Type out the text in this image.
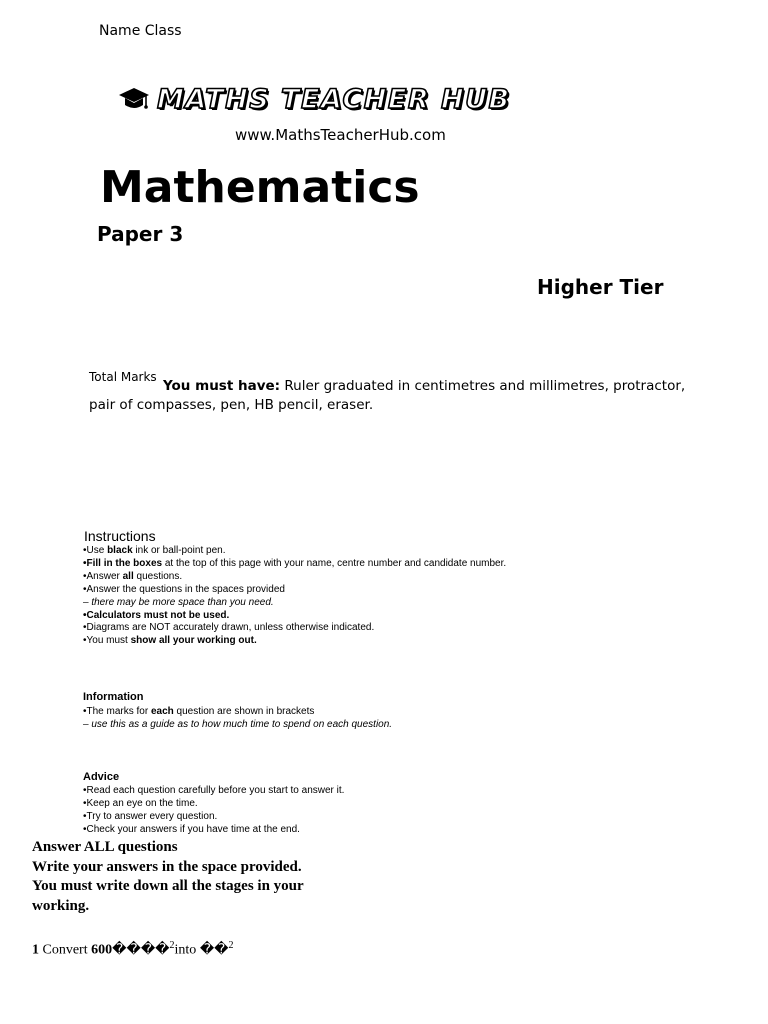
Name Class
MATHS TEACHER HUB
www.MathsTeacherHub.com
Mathematics
Paper 3
Higher Tier
Total Marks
You must have: Ruler graduated in centimetres and millimetres, protractor,
pair of compasses, pen, HB pencil, eraser.
Instructions
•Use black ink or ball-point pen.
•Fill in the boxes at the top of this page with your name, centre number and candidate number.
•Answer all questions.
•Answer the questions in the spaces provided
– there may be more space than you need.
•Calculators must not be used.
•Diagrams are NOT accurately drawn, unless otherwise indicated.
•You must show all your working out.
Information
•The marks for each question are shown in brackets
– use this as a guide as to how much time to spend on each question.
Advice
•Read each question carefully before you start to answer it.
•Keep an eye on the time.
•Try to answer every question.
•Check your answers if you have time at the end.
Answer ALL questions
Write your answers in the space provided.
You must write down all the stages in your
working.
1 Convert 600����$^2$into ��$^2$
